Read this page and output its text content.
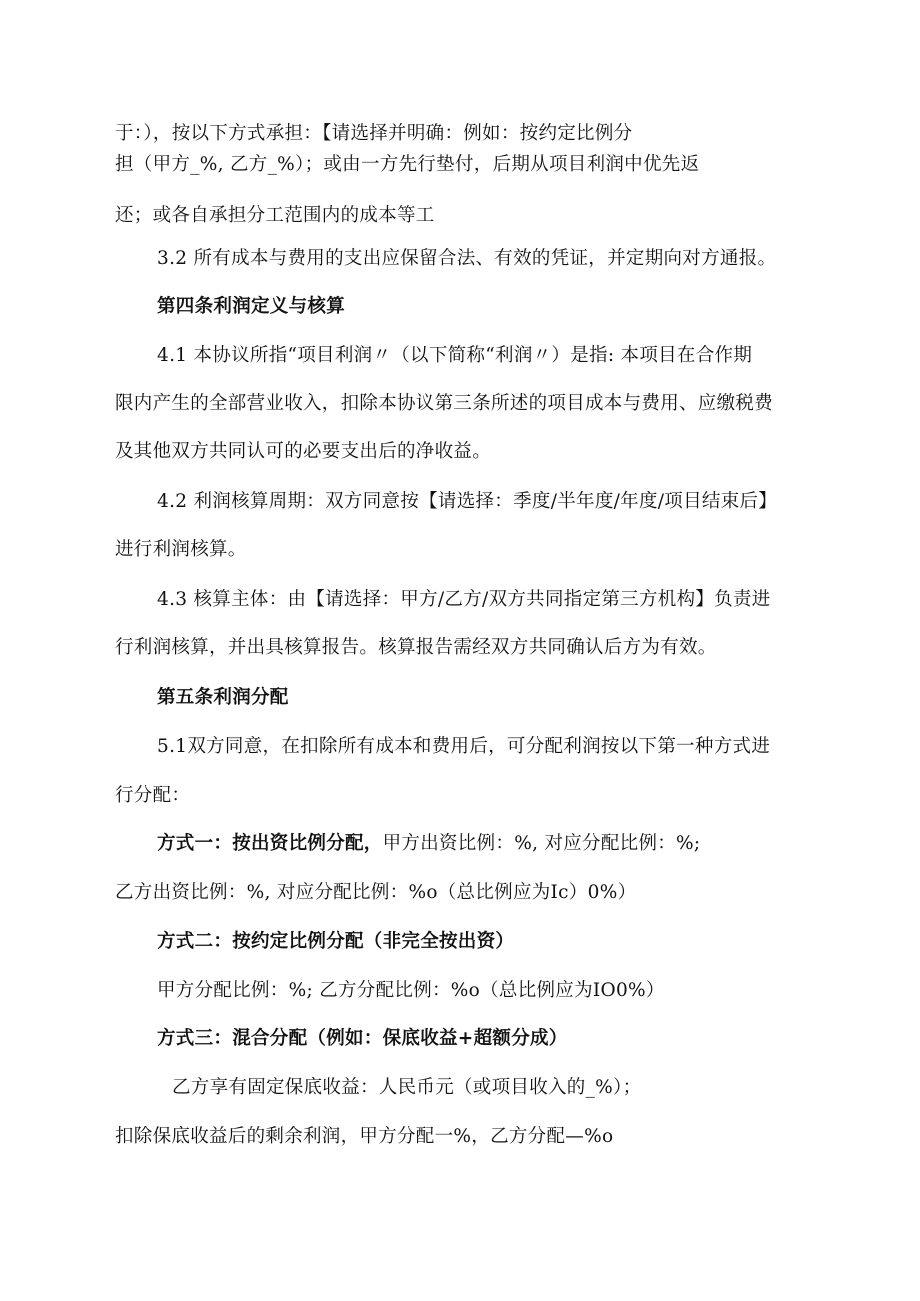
于：），按以下方式承担：【请选择并明确：例如：按约定比例分
担（甲方_%, 乙方_%）；或由一方先行垫付，后期从项目利润中优先返
还；或各自承担分工范围内的成本等工
3.2 所有成本与费用的支出应保留合法、有效的凭证，并定期向对方通报。
第四条利润定义与核算
4.1 本协议所指“项目利润〃（以下简称“利润〃）是指: 本项目在合作期
限内产生的全部营业收入，扣除本协议第三条所述的项目成本与费用、应缴税费
及其他双方共同认可的必要支出后的净收益。
4.2 利润核算周期：双方同意按【请选择：季度/半年度/年度/项目结束后】
进行利润核算。
4.3 核算主体：由【请选择：甲方/乙方/双方共同指定第三方机构】负责进
行利润核算，并出具核算报告。核算报告需经双方共同确认后方为有效。
第五条利润分配
5.1双方同意，在扣除所有成本和费用后，可分配利润按以下第一种方式进
行分配：
方式一：按出资比例分配，甲方出资比例：%, 对应分配比例：%;
乙方出资比例：%, 对应分配比例：%o（总比例应为Ic）0%）
方式二：按约定比例分配（非完全按出资）
甲方分配比例：%; 乙方分配比例：%o（总比例应为IO0%）
方式三：混合分配（例如：保底收益+超额分成）
乙方享有固定保底收益：人民币元（或项目收入的_%）；
扣除保底收益后的剩余利润，甲方分配一%，乙方分配—%o
